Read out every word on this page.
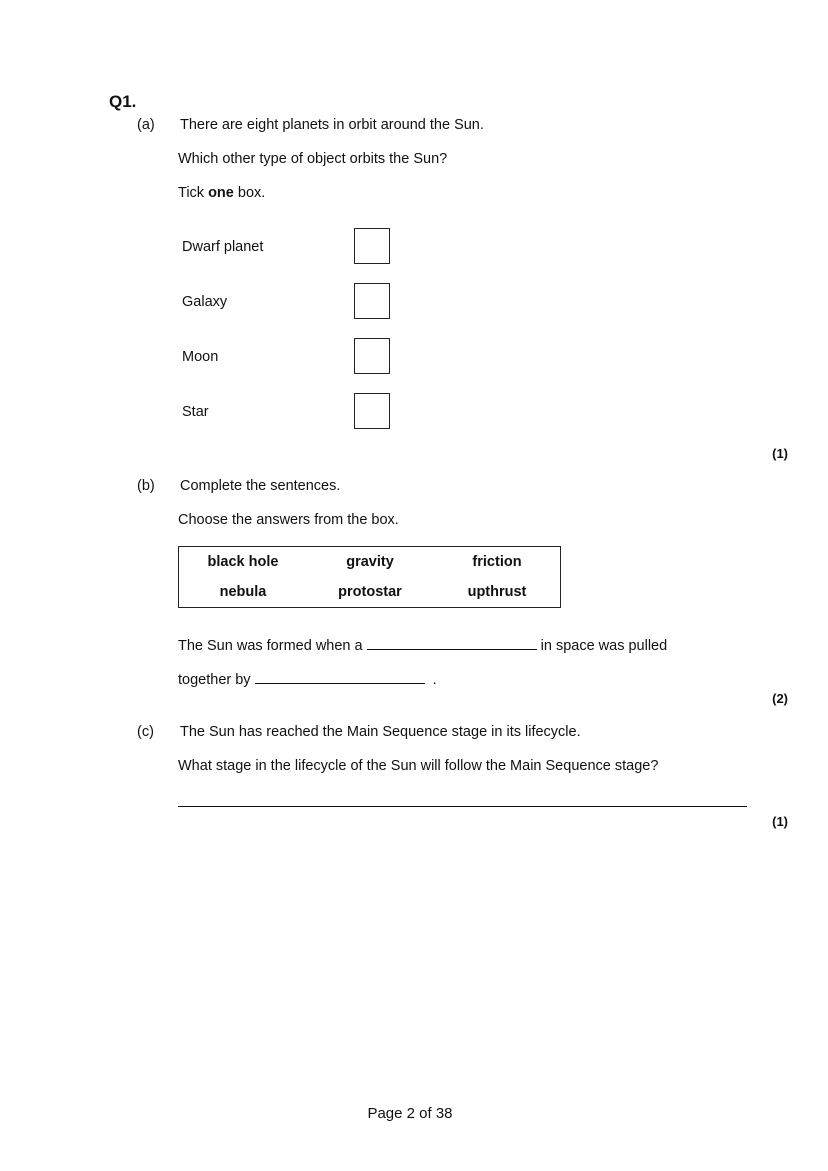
Q1.
(a) There are eight planets in orbit around the Sun.
Which other type of object orbits the Sun?
Tick one box.
Dwarf planet
Galaxy
Moon
Star
(1)
(b) Complete the sentences.
Choose the answers from the box.
black hole	gravity	friction
nebula	protostar	upthrust
The Sun was formed when a	in space was pulled
together by	.
(2)
(c) The Sun has reached the Main Sequence stage in its lifecycle.
What stage in the lifecycle of the Sun will follow the Main Sequence stage?
(1)
Page 2 of 38
